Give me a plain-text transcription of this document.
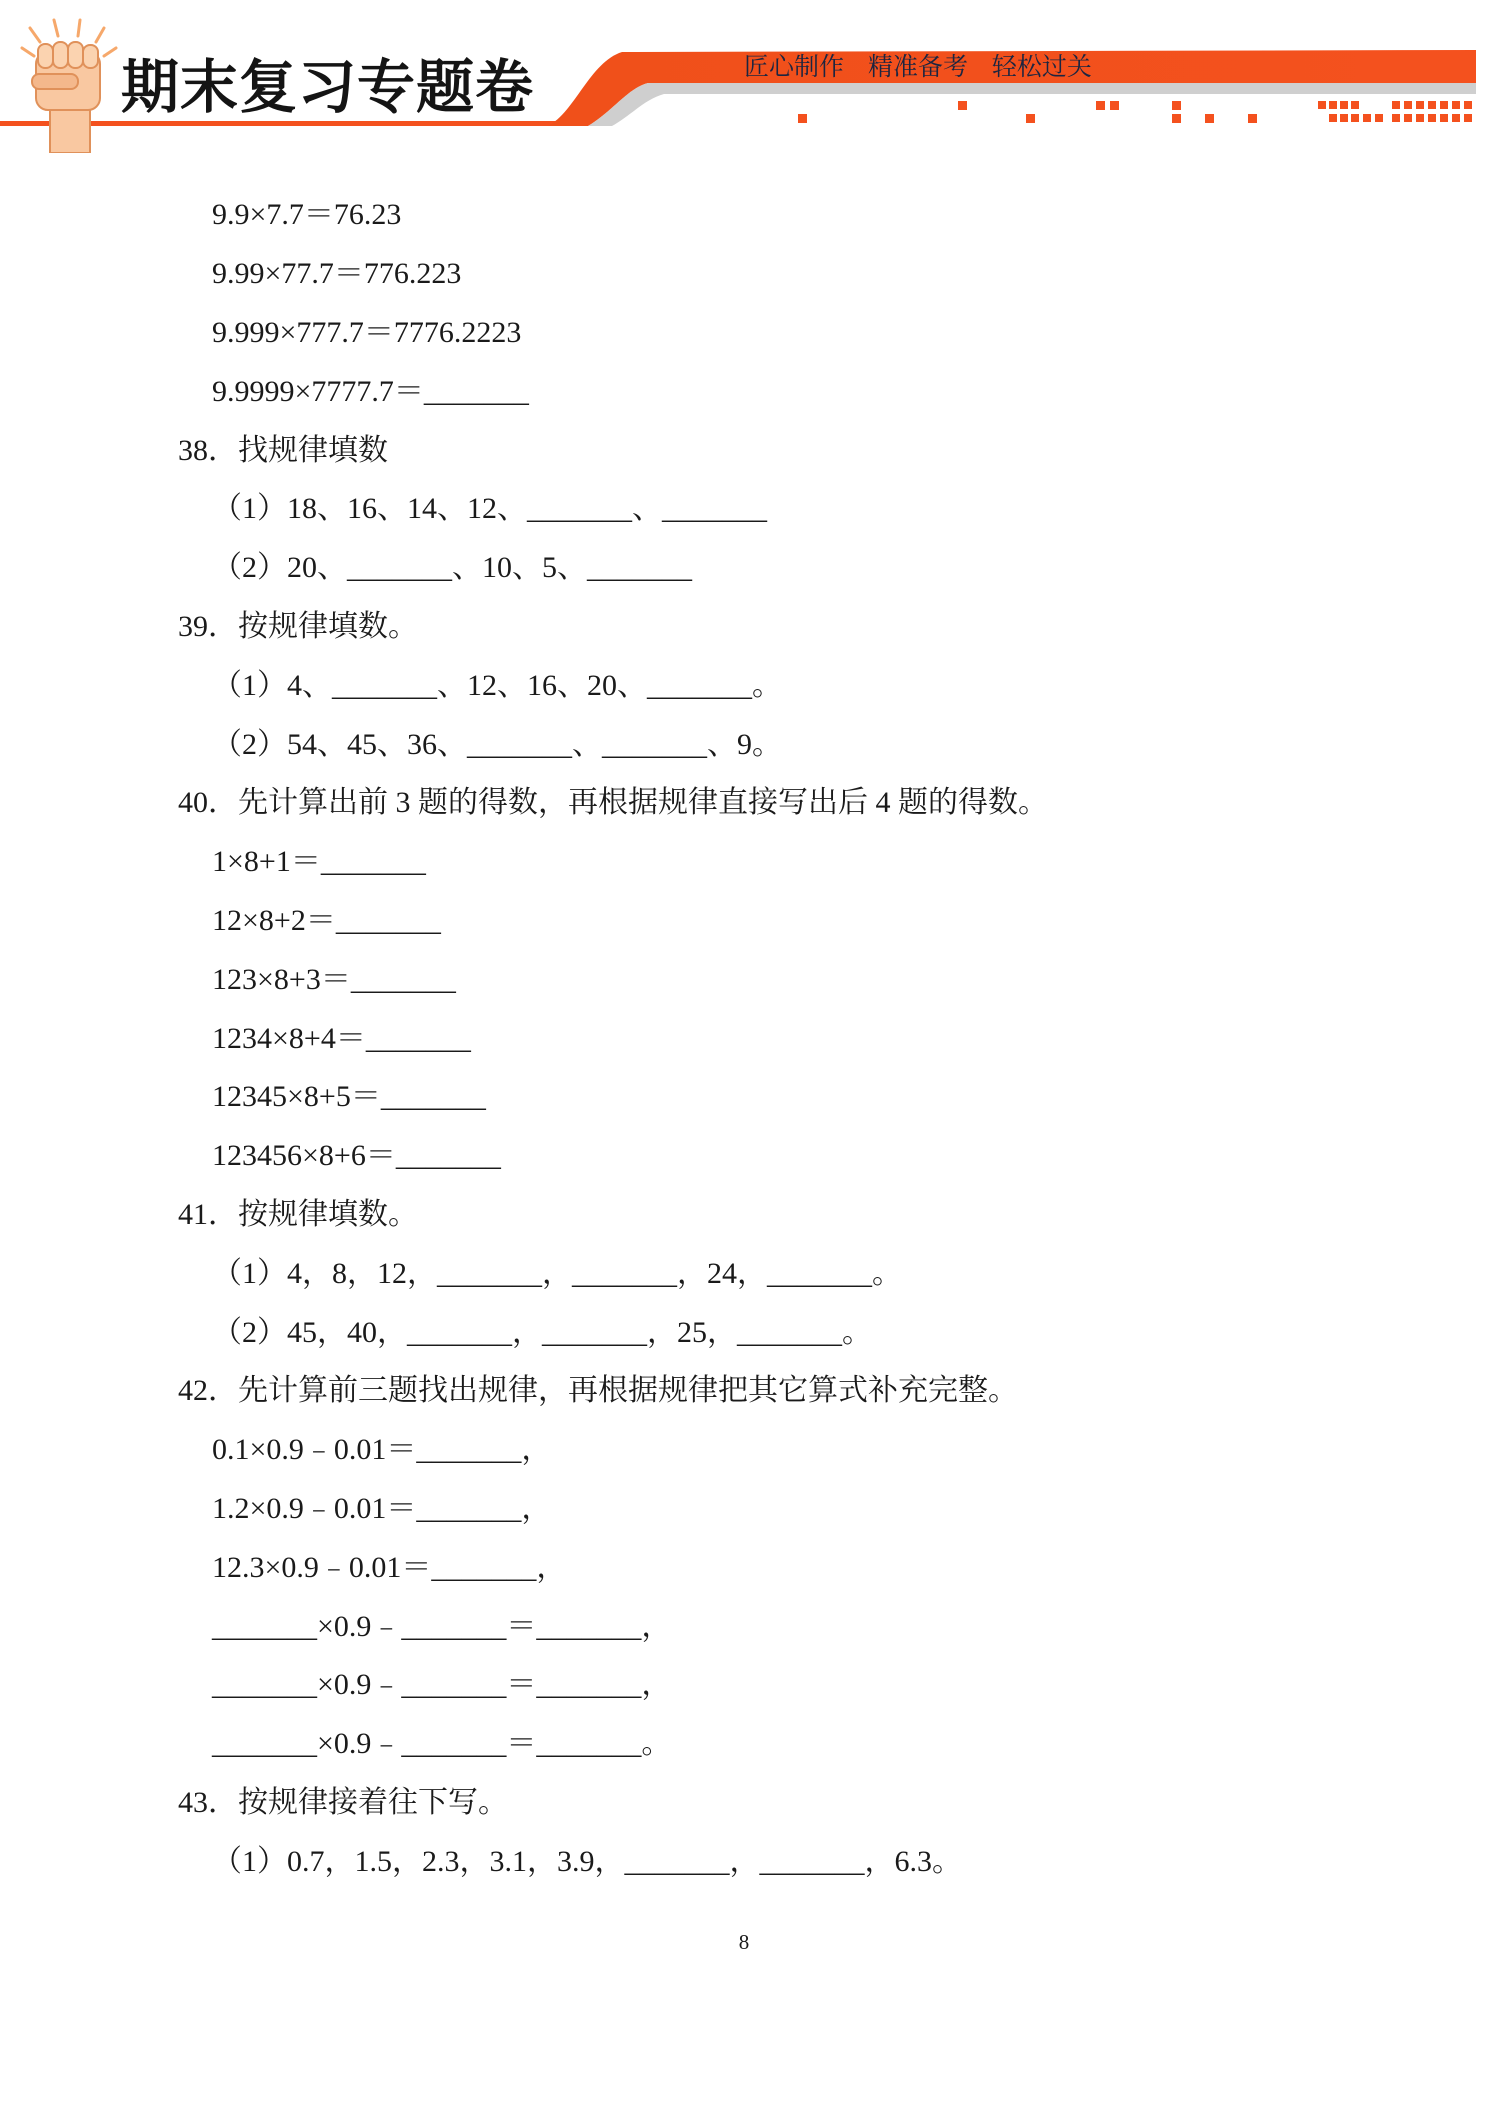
期末复习专题卷	匠心制作 精准备考 轻松过关
9.9×7.7＝76.23
9.99×77.7＝776.223
9.999×777.7＝7776.2223
9.9999×7777.7＝_______
38．找规律填数
（1）18、16、14、12、_______、_______
（2）20、_______、10、5、_______
39．按规律填数。
（1）4、_______、12、16、20、_______。
（2）54、45、36、_______、_______、9。
40．先计算出前 3 题的得数，再根据规律直接写出后 4 题的得数。
1×8+1＝_______
12×8+2＝_______
123×8+3＝_______
1234×8+4＝_______
12345×8+5＝_______
123456×8+6＝_______
41．按规律填数。
（1）4，8，12，_______，_______，24，_______。
（2）45，40，_______，_______，25，_______。
42．先计算前三题找出规律，再根据规律把其它算式补充完整。
0.1×0.9﹣0.01＝_______，
1.2×0.9﹣0.01＝_______，
12.3×0.9﹣0.01＝_______，
_______×0.9﹣_______＝_______，
_______×0.9﹣_______＝_______，
_______×0.9﹣_______＝_______。
43．按规律接着往下写。
（1）0.7，1.5，2.3，3.1，3.9，_______，_______，6.3。
8
